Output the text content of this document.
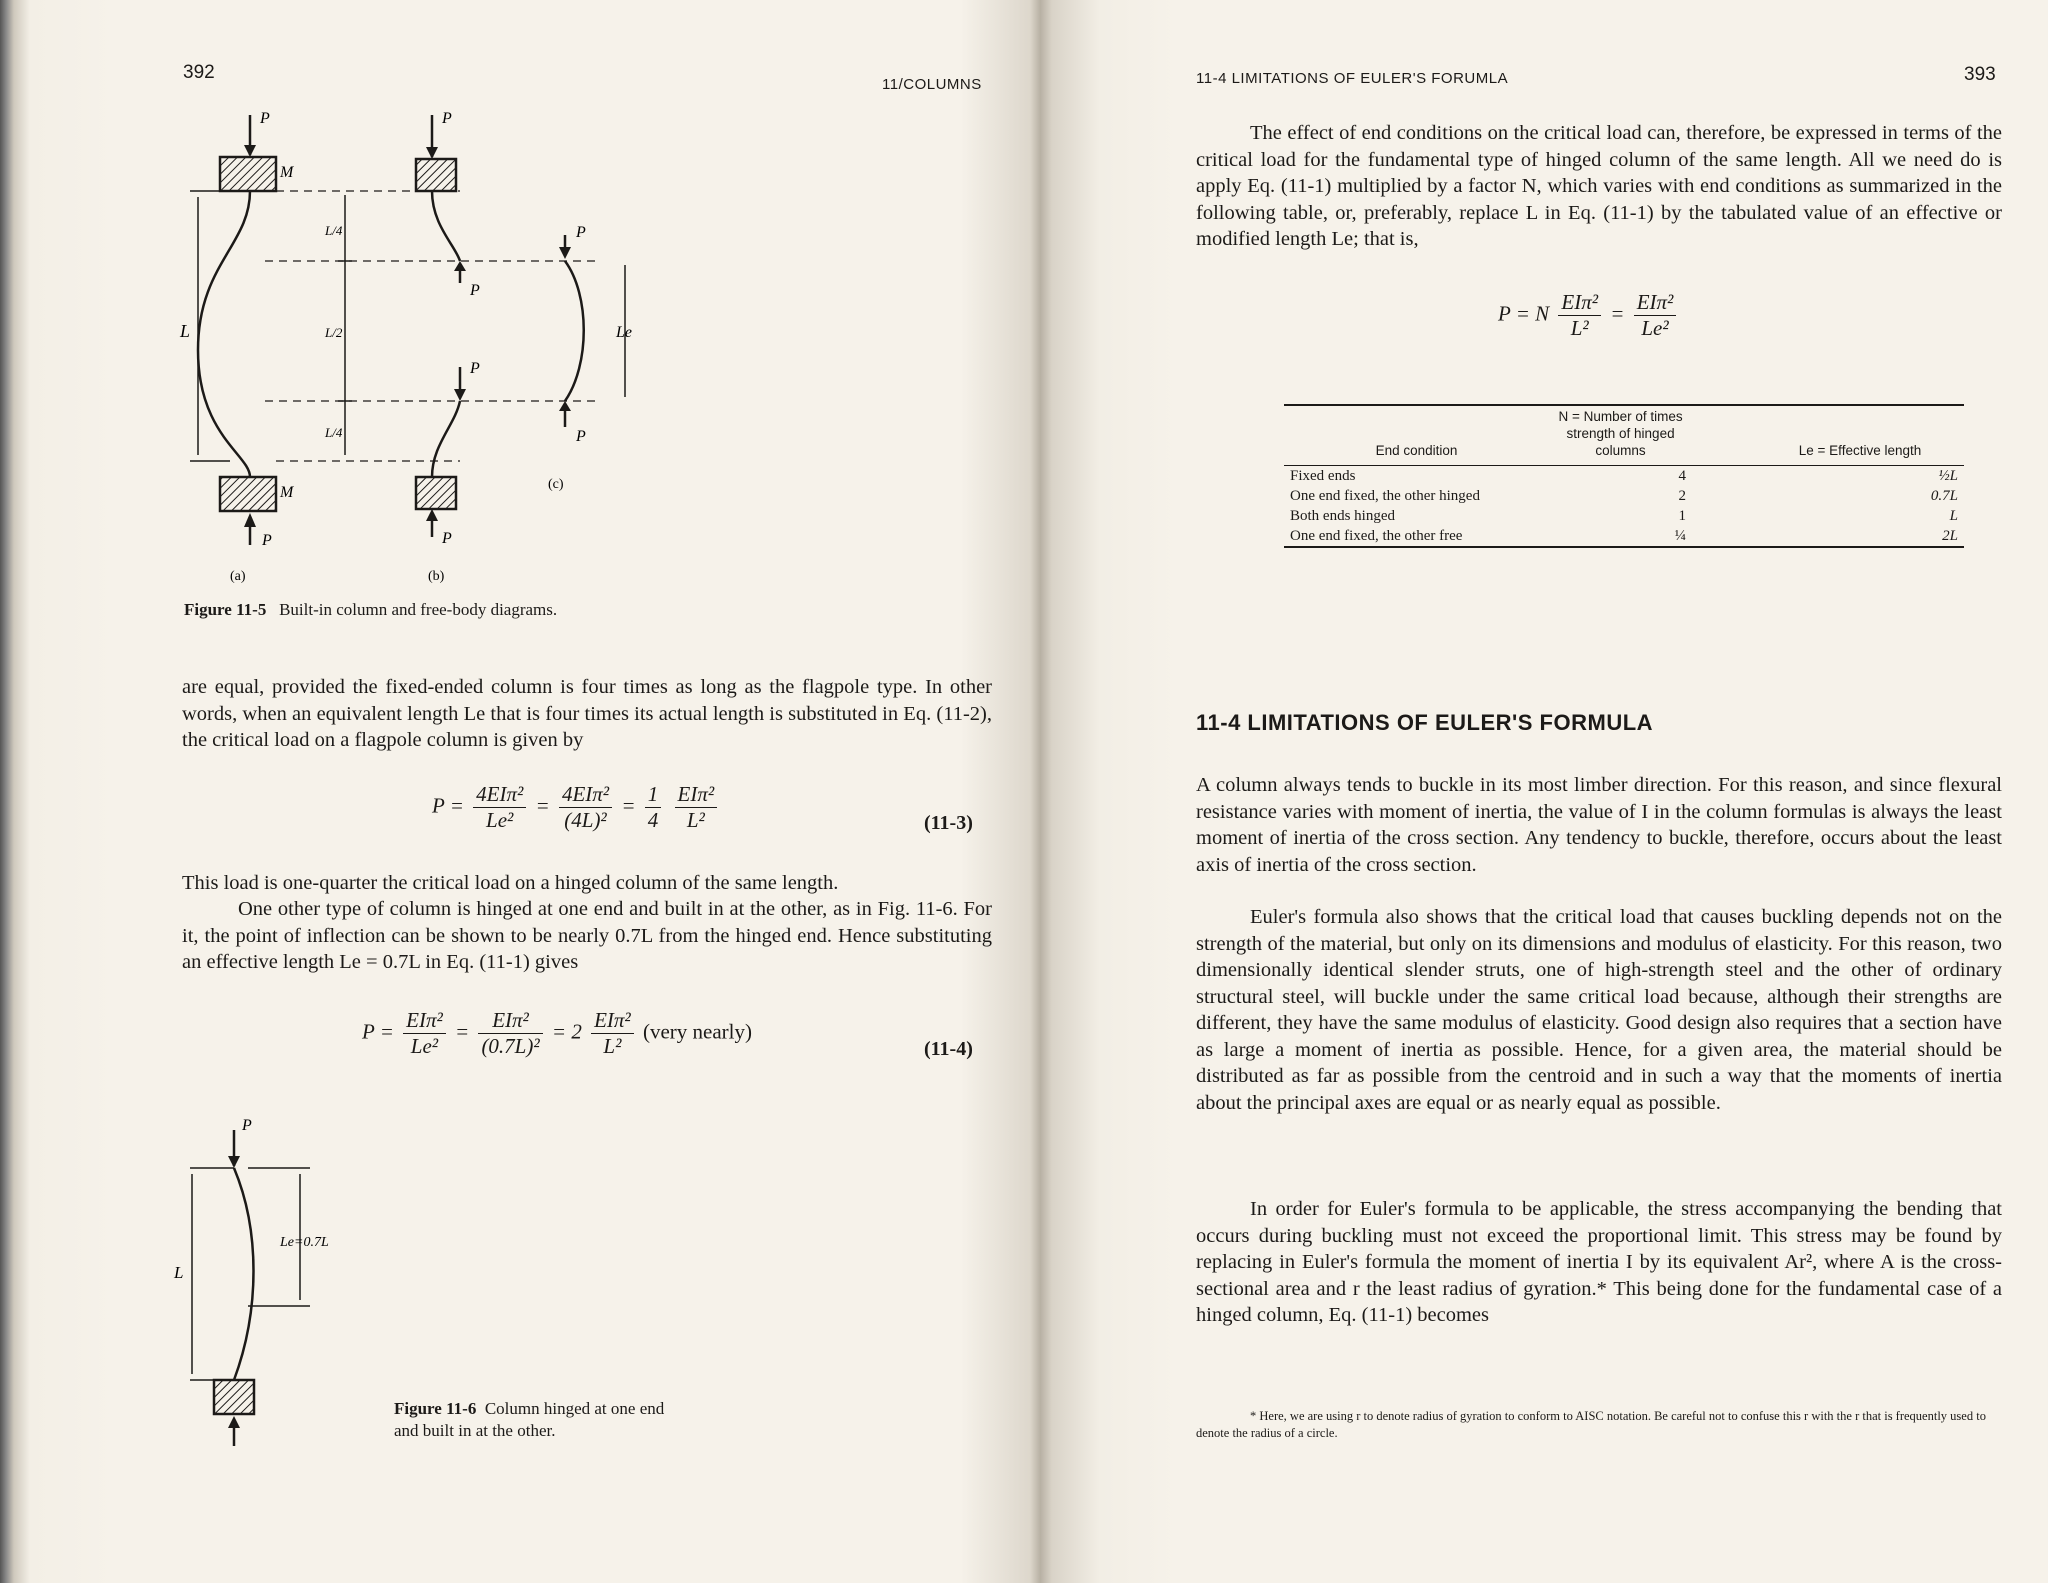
392
11/COLUMNS
P
M
L
M
P
(a)
L/4
L/2
L/4
P
P
P
P
(b)
P
Le
P
(c)
Figure 11-5 Built-in column and free-body diagrams.
are equal, provided the fixed-ended column is four times as long as the flagpole type. In other words, when an equivalent length Le that is four times its actual length is substituted in Eq. (11-2), the critical load on a flagpole column is given by
$P = \frac{\text{4EIπ²}}{\text{Le²}} = \frac{\text{4EIπ²}}{\text{(4L)²}} = \frac{1}{4}$
$\frac{\text{EIπ²}}{\text{L²}}$	(11-3)
This load is one-quarter the critical load on a hinged column of the same length.
One other type of column is hinged at one end and built in at the other, as in Fig. 11-6. For it, the point of inflection can be shown to be nearly 0.7L from the hinged end. Hence substituting an effective length Le = 0.7L in Eq. (11-1) gives
$P = \frac{\text{EIπ²}}{\text{Le²}} = \frac{\text{EIπ²}}{\text{(0.7L)²}} = 2 \frac{\text{EIπ²}}{\text{L²}}$ (very nearly)
(11-4)
P
L
Le=0.7L
Figure 11-6 Column hinged at one end
and built in at the other.
11-4 LIMITATIONS OF EULER'S FORUMLA	393
The effect of end conditions on the critical load can, therefore, be expressed in terms of the critical load for the fundamental type of hinged column of the same length. All we need do is apply Eq. (11-1) multiplied by a factor N, which varies with end conditions as summarized in the following table, or, preferably, replace L in Eq. (11-1) by the tabulated value of an effective or modified length Le; that is,
P = N $\frac{\text{EIπ²}}{\text{L²}} = \frac{\text{EIπ²}}{\text{Le²}}$
End condition	N = Number of times strength of hinged columns	Le = Effective length
Fixed ends	4	½L
One end fixed, the other hinged	2	0.7L
Both ends hinged	1	L
One end fixed, the other free	¼	2L
11-4 LIMITATIONS OF EULER'S FORMULA
A column always tends to buckle in its most limber direction. For this reason, and since flexural resistance varies with moment of inertia, the value of I in the column formulas is always the least moment of inertia of the cross section. Any tendency to buckle, therefore, occurs about the least axis of inertia of the cross section.
Euler's formula also shows that the critical load that causes buckling depends not on the strength of the material, but only on its dimensions and modulus of elasticity. For this reason, two dimensionally identical slender struts, one of high-strength steel and the other of ordinary structural steel, will buckle under the same critical load because, although their strengths are different, they have the same modulus of elasticity. Good design also requires that a section have as large a moment of inertia as possible. Hence, for a given area, the material should be distributed as far as possible from the centroid and in such a way that the moments of inertia about the principal axes are equal or as nearly equal as possible.
In order for Euler's formula to be applicable, the stress accompanying the bending that occurs during buckling must not exceed the proportional limit. This stress may be found by replacing in Euler's formula the moment of inertia I by its equivalent Ar², where A is the cross-sectional area and r the least radius of gyration.* This being done for the fundamental case of a hinged column, Eq. (11-1) becomes
* Here, we are using r to denote radius of gyration to conform to AISC notation. Be careful not to confuse this r with the r that is frequently used to denote the radius of a circle.
